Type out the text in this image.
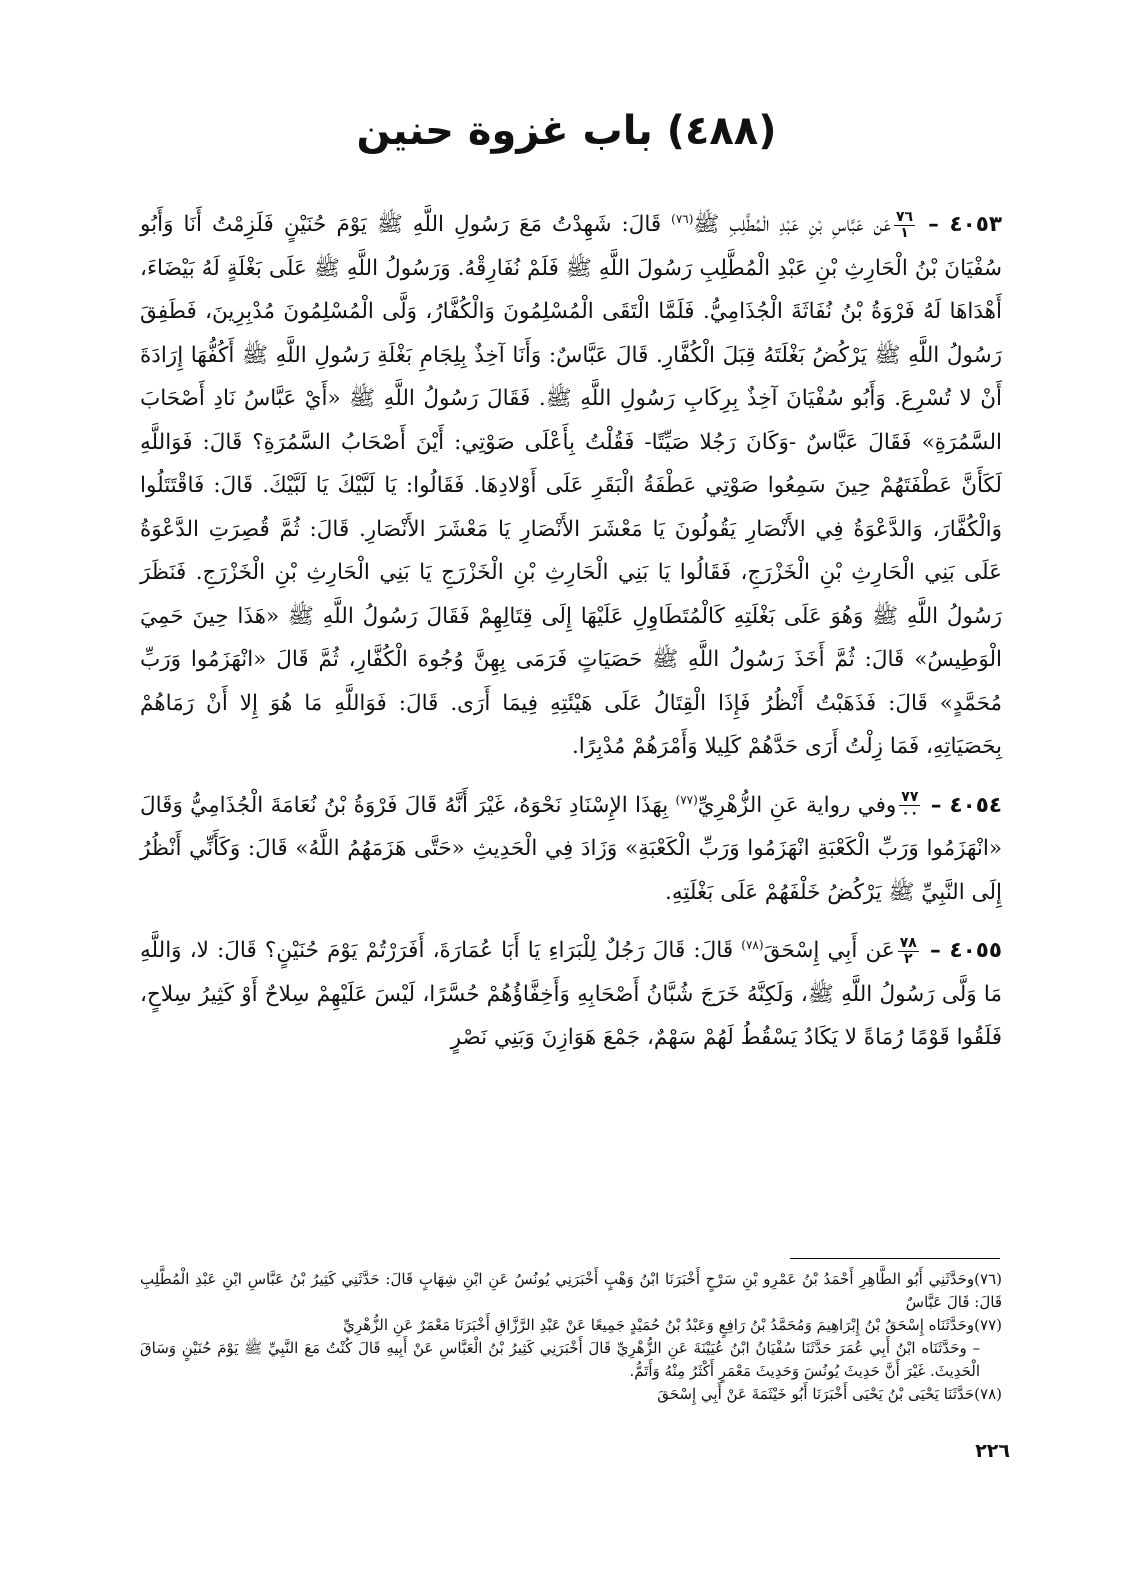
(٤٨٨) باب غزوة حنين

٤٠٥٣ –
$\frac{٧٦}{١}$
عَن عَبَّاسِ بْنِ عَبْدِ الْمُطَّلِبِ ﷺ$^{(٧٦)}$ قَالَ: شَهِدْتُ مَعَ رَسُولِ اللَّهِ ﷺ يَوْمَ حُنَيْنٍ فَلَزِمْتُ أَنَا وَأَبُو سُفْيَانَ بْنُ الْحَارِثِ بْنِ عَبْدِ الْمُطَّلِبِ رَسُولَ اللَّهِ ﷺ فَلَمْ نُفَارِقْهُ. وَرَسُولُ اللَّهِ ﷺ عَلَى بَغْلَةٍ لَهُ بَيْضَاءَ، أَهْدَاهَا لَهُ فَرْوَةُ بْنُ نُفَاثَةَ الْجُذَامِيُّ. فَلَمَّا الْتَقَى الْمُسْلِمُونَ وَالْكُفَّارُ، وَلَّى الْمُسْلِمُونَ مُدْبِرِينَ، فَطَفِقَ رَسُولُ اللَّهِ ﷺ يَرْكُضُ بَغْلَتَهُ قِبَلَ الْكُفَّارِ. قَالَ عَبَّاسٌ: وَأَنَا آخِذٌ بِلِجَامِ بَغْلَةِ رَسُولِ اللَّهِ ﷺ أَكُفُّهَا إِرَادَةَ أَنْ لا تُسْرِعَ. وَأَبُو سُفْيَانَ آخِذٌ بِرِكَابِ رَسُولِ اللَّهِ ﷺ. فَقَالَ رَسُولُ اللَّهِ ﷺ «أَيْ عَبَّاسُ نَادِ أَصْحَابَ السَّمُرَةِ» فَقَالَ عَبَّاسٌ -وَكَانَ رَجُلا صَيِّتًا- فَقُلْتُ بِأَعْلَى صَوْتِي: أَيْنَ أَصْحَابُ السَّمُرَةِ؟ قَالَ: فَوَاللَّهِ لَكَأَنَّ عَطْفَتَهُمْ حِينَ سَمِعُوا صَوْتِي عَطْفَةُ الْبَقَرِ عَلَى أَوْلادِهَا. فَقَالُوا: يَا لَبَّيْكَ يَا لَبَّيْكَ. قَالَ: فَاقْتَتَلُوا وَالْكُفَّارَ، وَالدَّعْوَةُ فِي الأَنْصَارِ يَقُولُونَ يَا مَعْشَرَ الأَنْصَارِ يَا مَعْشَرَ الأَنْصَارِ. قَالَ: ثُمَّ قُصِرَتِ الدَّعْوَةُ عَلَى بَنِي الْحَارِثِ بْنِ الْخَزْرَجِ، فَقَالُوا يَا بَنِي الْحَارِثِ بْنِ الْخَزْرَجِ يَا بَنِي الْحَارِثِ بْنِ الْخَزْرَجِ. فَنَظَرَ رَسُولُ اللَّهِ ﷺ وَهُوَ عَلَى بَغْلَتِهِ كَالْمُتَطَاوِلِ عَلَيْهَا إِلَى قِتَالِهِمْ فَقَالَ رَسُولُ اللَّهِ ﷺ «هَذَا حِينَ حَمِيَ الْوَطِيسُ» قَالَ: ثُمَّ أَخَذَ رَسُولُ اللَّهِ ﷺ حَصَيَاتٍ فَرَمَى بِهِنَّ وُجُوهَ الْكُفَّارِ، ثُمَّ قَالَ «انْهَزَمُوا وَرَبِّ مُحَمَّدٍ» قَالَ: فَذَهَبْتُ أَنْظُرُ فَإِذَا الْقِتَالُ عَلَى هَيْئَتِهِ فِيمَا أَرَى. قَالَ: فَوَاللَّهِ مَا هُوَ إِلا أَنْ رَمَاهُمْ بِحَصَيَاتِهِ، فَمَا زِلْتُ أَرَى حَدَّهُمْ كَلِيلا وَأَمْرَهُمْ مُدْبِرًا.

٤٠٥٤ –
$\frac{٧٧}{٠٠}$
وفي رواية عَنِ الزُّهْرِيِّ$^{(٧٧)}$ بِهَذَا الإِسْنَادِ نَحْوَهُ، غَيْرَ أَنَّهُ قَالَ فَرْوَةُ بْنُ نُعَامَةَ الْجُذَامِيُّ وَقَالَ «انْهَزَمُوا وَرَبِّ الْكَعْبَةِ انْهَزَمُوا وَرَبِّ الْكَعْبَةِ» وَزَادَ فِي الْحَدِيثِ «حَتَّى هَزَمَهُمُ اللَّهُ» قَالَ: وَكَأَنِّي أَنْظُرُ إِلَى النَّبِيِّ ﷺ يَرْكُضُ خَلْفَهُمْ عَلَى بَغْلَتِهِ.

٤٠٥٥ –
$\frac{٧٨}{٢}$
عَن أَبِي إِسْحَقَ$^{(٧٨)}$ قَالَ: قَالَ رَجُلٌ لِلْبَرَاءِ يَا أَبَا عُمَارَةَ، أَفَرَرْتُمْ يَوْمَ حُنَيْنٍ؟ قَالَ: لا، وَاللَّهِ مَا وَلَّى رَسُولُ اللَّهِ ﷺ، وَلَكِنَّهُ خَرَجَ شُبَّانُ أَصْحَابِهِ وَأَخِفَّاؤُهُمْ حُسَّرًا، لَيْسَ عَلَيْهِمْ سِلاحٌ أَوْ كَثِيرُ سِلاحٍ، فَلَقُوا قَوْمًا رُمَاةً لا يَكَادُ يَسْقُطُ لَهُمْ سَهْمٌ، جَمْعَ هَوَازِنَ وَبَنِي نَصْرٍ

(٧٦)وحَدَّثَنِي أَبُو الطَّاهِرِ أَحْمَدُ بْنُ عَمْرِو بْنِ سَرْحٍ أَخْبَرَنَا ابْنُ وَهْبٍ أَخْبَرَنِي يُونُسُ عَنِ ابْنِ شِهَابٍ قَالَ: حَدَّثَنِي كَثِيرُ بْنُ عَبَّاسِ ابْنِ عَبْدِ الْمُطَّلِبِ قَالَ: قَالَ عَبَّاسٌ

(٧٧)وحَدَّثَنَاه إِسْحَقُ بْنُ إِبْرَاهِيمَ وَمُحَمَّدُ بْنُ رَافِعٍ وَعَبْدُ بْنُ حُمَيْدٍ جَمِيعًا عَنْ عَبْدِ الرَّزَّاقِ أَخْبَرَنَا مَعْمَرٌ عَنِ الزُّهْرِيِّ

– وحَدَّثَنَاه ابْنُ أَبِي عُمَرَ حَدَّثَنَا سُفْيَانُ ابْنُ عُيَيْنَةَ عَنِ الزُّهْرِيِّ قَالَ أَخْبَرَنِي كَثِيرُ بْنُ الْعَبَّاسِ عَنْ أَبِيهِ قَالَ كُنْتُ مَعَ النَّبِيِّ ﷺ يَوْمَ حُنَيْنٍ وَسَاقَ الْحَدِيثَ. غَيْرَ أَنَّ حَدِيثَ يُونُسَ وَحَدِيثَ مَعْمَرٍ أَكْثَرُ مِنْهُ وَأَتَمُّ.

(٧٨)حَدَّثَنَا يَحْيَى بْنُ يَحْيَى أَخْبَرَنَا أَبُو خَيْثَمَةَ عَنْ أَبِي إِسْحَقَ

٢٢٦
